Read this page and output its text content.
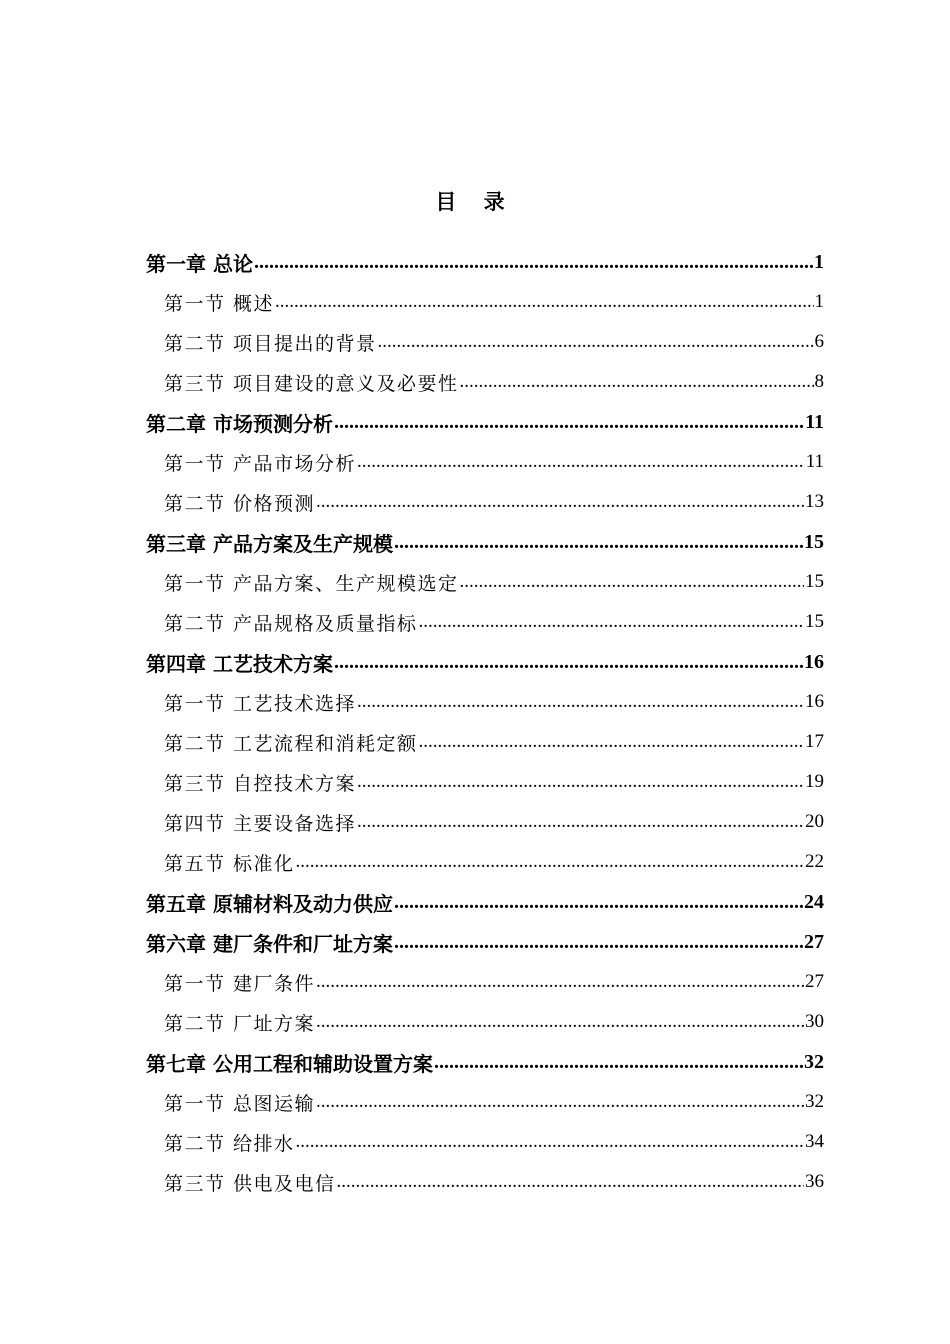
目 录
第一章 总论 .....	1
第一节 概述 .....	1
第二节 项目提出的背景 .....	6
第三节 项目建设的意义及必要性 .....	8
第二章 市场预测分析 .....	11
第一节 产品市场分析 .....	11
第二节 价格预测 .....	13
第三章 产品方案及生产规模 .....	15
第一节 产品方案、生产规模选定 .....	15
第二节 产品规格及质量指标 .....	15
第四章 工艺技术方案 .....	16
第一节 工艺技术选择 .....	16
第二节 工艺流程和消耗定额 .....	17
第三节 自控技术方案 .....	19
第四节 主要设备选择 .....	20
第五节 标准化 .....	22
第五章 原辅材料及动力供应 .....	24
第六章 建厂条件和厂址方案 .....	27
第一节 建厂条件 .....	27
第二节 厂址方案 .....	30
第七章 公用工程和辅助设置方案 .....	32
第一节 总图运输 .....	32
第二节 给排水 .....	34
第三节 供电及电信 .....	36
